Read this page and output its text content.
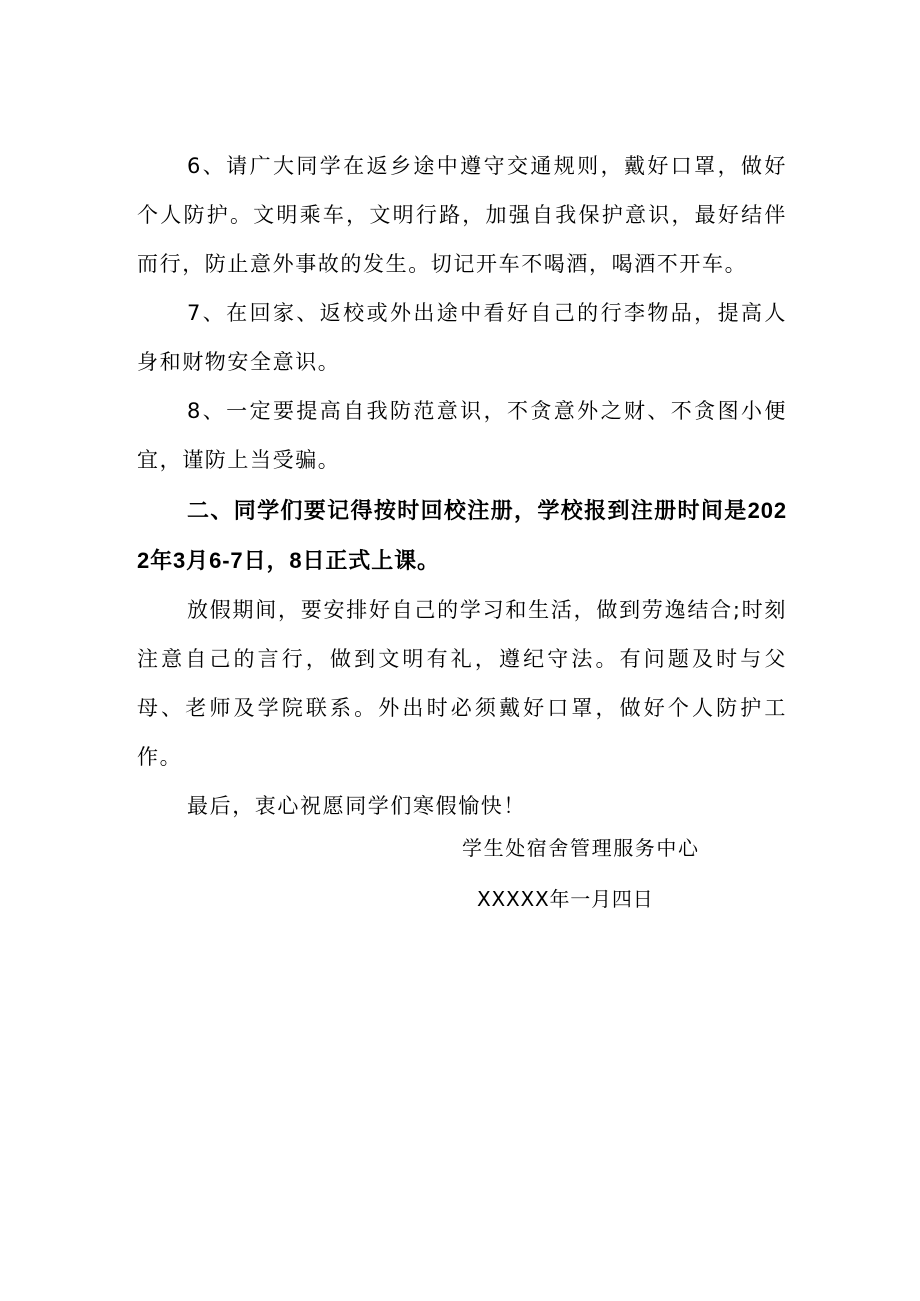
6、请广大同学在返乡途中遵守交通规则，戴好口罩，做好个人防护。文明乘车，文明行路，加强自我保护意识，最好结伴而行，防止意外事故的发生。切记开车不喝酒，喝酒不开车。

7、在回家、返校或外出途中看好自己的行李物品，提高人身和财物安全意识。

8、一定要提高自我防范意识，不贪意外之财、不贪图小便宜，谨防上当受骗。

二、同学们要记得按时回校注册，学校报到注册时间是2022年3月6-7日，8日正式上课。

放假期间，要安排好自己的学习和生活，做到劳逸结合;时刻注意自己的言行，做到文明有礼，遵纪守法。有问题及时与父母、老师及学院联系。外出时必须戴好口罩，做好个人防护工作。

最后，衷心祝愿同学们寒假愉快！

学生处宿舍管理服务中心
XXXXX年一月四日
